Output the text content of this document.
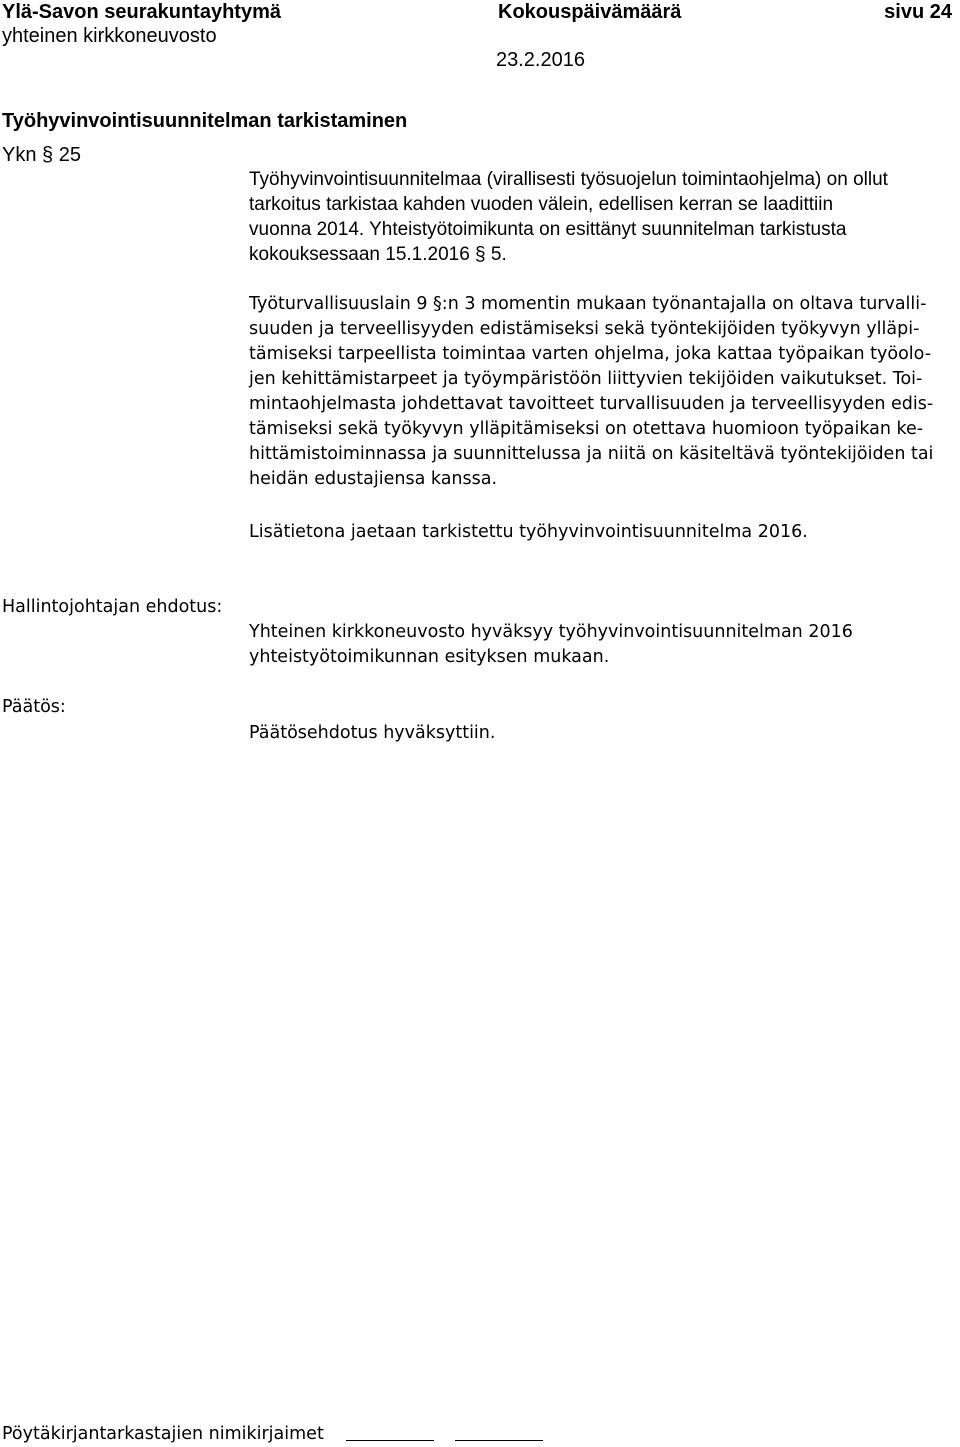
Ylä-Savon seurakuntayhtymä
yhteinen kirkkoneuvosto
Kokouspäivämäärä
23.2.2016
sivu 24
Työhyvinvointisuunnitelman tarkistaminen
Ykn § 25
Työhyvinvointisuunnitelmaa (virallisesti työsuojelun toimintaohjelma) on ollut
tarkoitus tarkistaa kahden vuoden välein, edellisen kerran se laadittiin
vuonna 2014. Yhteistyötoimikunta on esittänyt suunnitelman tarkistusta
kokouksessaan 15.1.2016 § 5.
Työturvallisuuslain 9 §:n 3 momentin mukaan työnantajalla on oltava turvalli-
suuden ja terveellisyyden edistämiseksi sekä työntekijöiden työkyvyn ylläpi-
tämiseksi tarpeellista toimintaa varten ohjelma, joka kattaa työpaikan työolo-
jen kehittämistarpeet ja työympäristöön liittyvien tekijöiden vaikutukset. Toi-
mintaohjelmasta johdettavat tavoitteet turvallisuuden ja terveellisyyden edis-
tämiseksi sekä työkyvyn ylläpitämiseksi on otettava huomioon työpaikan ke-
hittämistoiminnassa ja suunnittelussa ja niitä on käsiteltävä työntekijöiden tai
heidän edustajiensa kanssa.
Lisätietona jaetaan tarkistettu työhyvinvointisuunnitelma 2016.
Hallintojohtajan ehdotus:
Yhteinen kirkkoneuvosto hyväksyy työhyvinvointisuunnitelman 2016
yhteistyötoimikunnan esityksen mukaan.
Päätös:
Päätösehdotus hyväksyttiin.
Pöytäkirjantarkastajien nimikirjaimet
